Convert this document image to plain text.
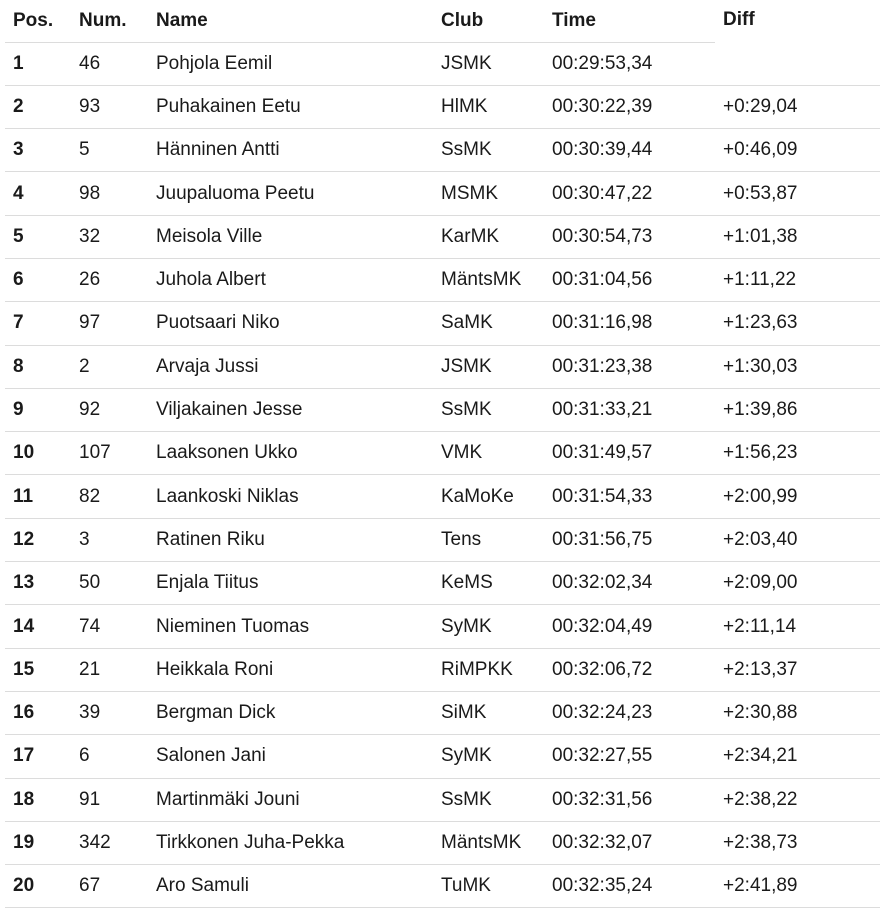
Pos.	Num.	Name	Club	Time	Diff
1	46	Pohjola Eemil	JSMK	00:29:53,34	
2	93	Puhakainen Eetu	HlMK	00:30:22,39	+0:29,04
3	5	Hänninen Antti	SsMK	00:30:39,44	+0:46,09
4	98	Juupaluoma Peetu	MSMK	00:30:47,22	+0:53,87
5	32	Meisola Ville	KarMK	00:30:54,73	+1:01,38
6	26	Juhola Albert	MäntsMK	00:31:04,56	+1:11,22
7	97	Puotsaari Niko	SaMK	00:31:16,98	+1:23,63
8	2	Arvaja Jussi	JSMK	00:31:23,38	+1:30,03
9	92	Viljakainen Jesse	SsMK	00:31:33,21	+1:39,86
10	107	Laaksonen Ukko	VMK	00:31:49,57	+1:56,23
11	82	Laankoski Niklas	KaMoKe	00:31:54,33	+2:00,99
12	3	Ratinen Riku	Tens	00:31:56,75	+2:03,40
13	50	Enjala Tiitus	KeMS	00:32:02,34	+2:09,00
14	74	Nieminen Tuomas	SyMK	00:32:04,49	+2:11,14
15	21	Heikkala Roni	RiMPKK	00:32:06,72	+2:13,37
16	39	Bergman Dick	SiMK	00:32:24,23	+2:30,88
17	6	Salonen Jani	SyMK	00:32:27,55	+2:34,21
18	91	Martinmäki Jouni	SsMK	00:32:31,56	+2:38,22
19	342	Tirkkonen Juha-Pekka	MäntsMK	00:32:32,07	+2:38,73
20	67	Aro Samuli	TuMK	00:32:35,24	+2:41,89
